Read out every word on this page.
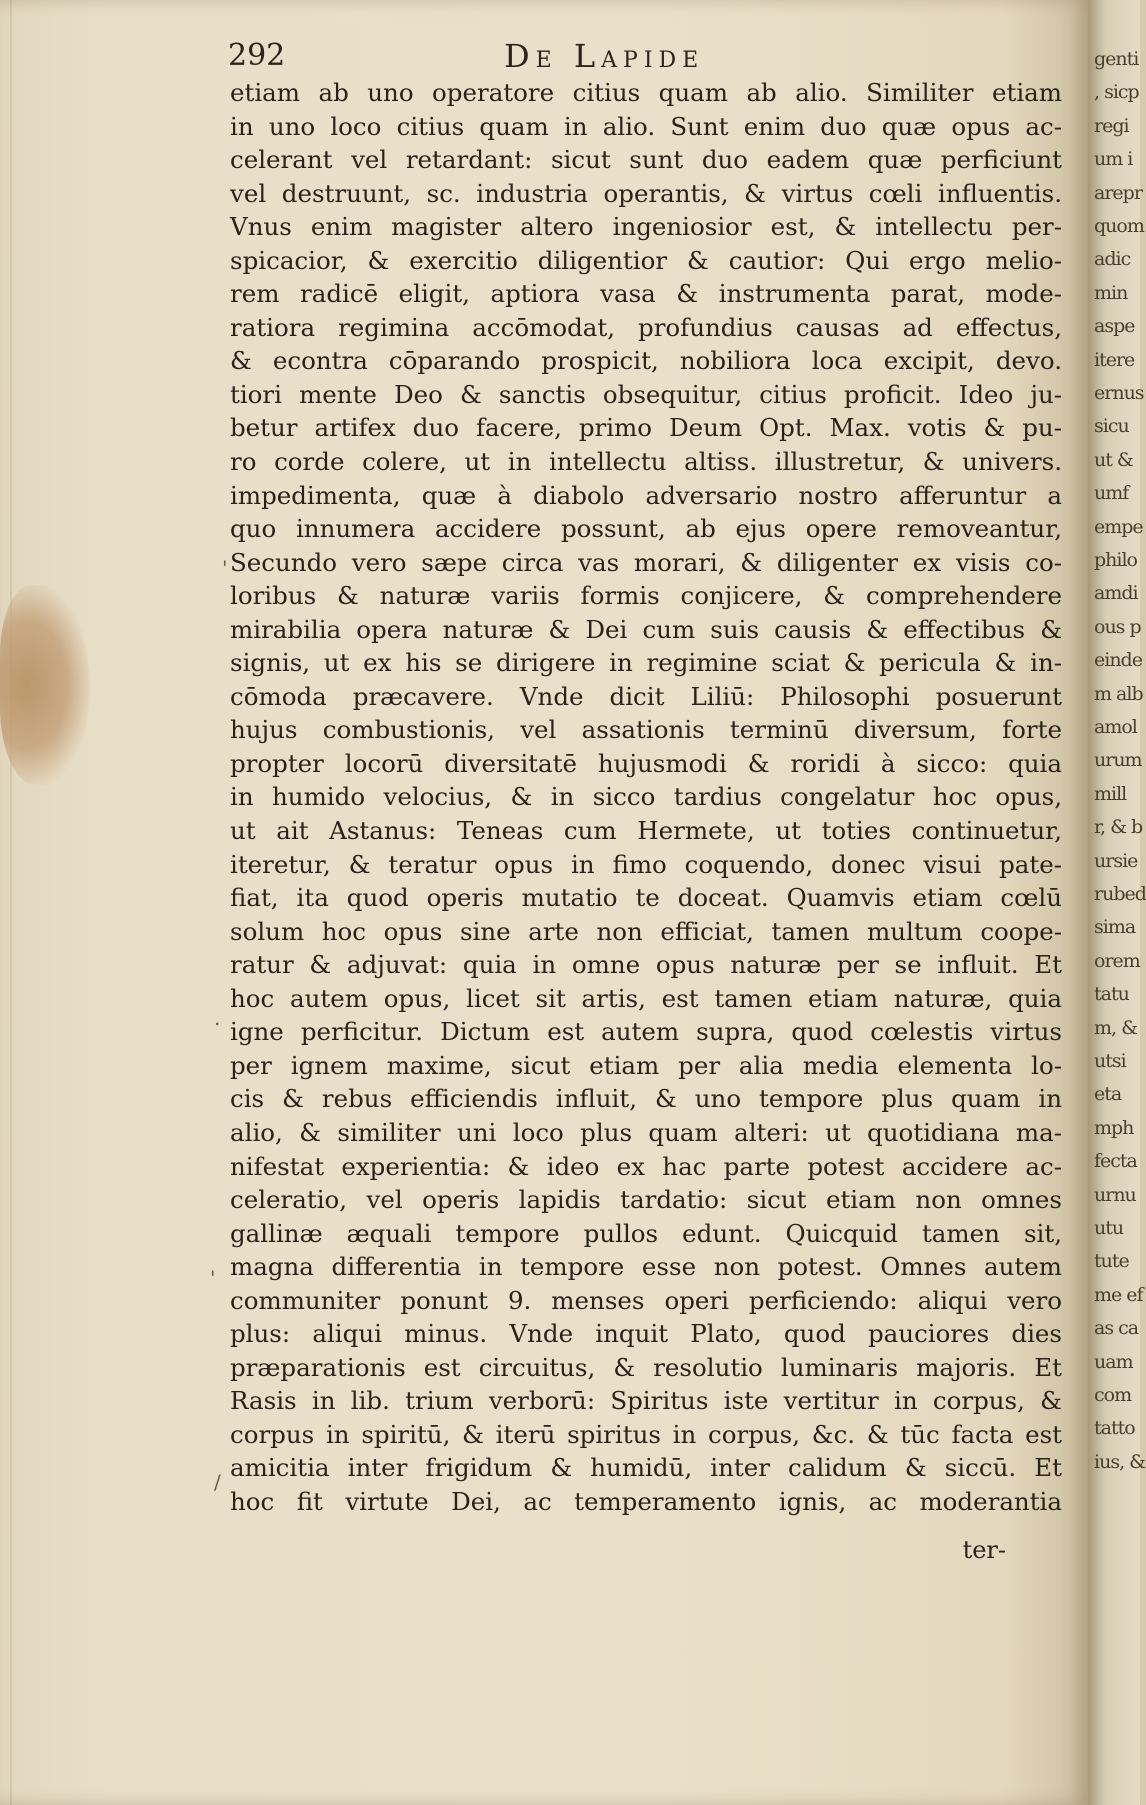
292	De Lapide
etiam ab uno operatore citius quam ab alio. Similiter etiam
in uno loco citius quam in alio. Sunt enim duo quæ opus ac-
celerant vel retardant: sicut sunt duo eadem quæ perficiunt
vel destruunt, sc. industria operantis, & virtus cœli influentis.
Vnus enim magister altero ingeniosior est, & intellectu per-
spicacior, & exercitio diligentior & cautior: Qui ergo melio-
rem radicē eligit, aptiora vasa & instrumenta parat, mode-
ratiora regimina accōmodat, profundius causas ad effectus,
& econtra cōparando prospicit, nobiliora loca excipit, devo.
tiori mente Deo & sanctis obsequitur, citius proficit. Ideo ju-
betur artifex duo facere, primo Deum Opt. Max. votis & pu-
ro corde colere, ut in intellectu altiss. illustretur, & univers.
impedimenta, quæ à diabolo adversario nostro afferuntur a
quo innumera accidere possunt, ab ejus opere removeantur,
Secundo vero sæpe circa vas morari, & diligenter ex visis co-
loribus & naturæ variis formis conjicere, & comprehendere
mirabilia opera naturæ & Dei cum suis causis & effectibus &
signis, ut ex his se dirigere in regimine sciat & pericula & in-
cōmoda præcavere. Vnde dicit Liliū: Philosophi posuerunt
hujus combustionis, vel assationis terminū diversum, forte
propter locorū diversitatē hujusmodi & roridi à sicco: quia
in humido velocius, & in sicco tardius congelatur hoc opus,
ut ait Astanus: Teneas cum Hermete, ut toties continuetur,
iteretur, & teratur opus in fimo coquendo, donec visui pate-
fiat, ita quod operis mutatio te doceat. Quamvis etiam cœlū
solum hoc opus sine arte non efficiat, tamen multum coope-
ratur & adjuvat: quia in omne opus naturæ per se influit. Et
hoc autem opus, licet sit artis, est tamen etiam naturæ, quia
igne perficitur. Dictum est autem supra, quod cœlestis virtus
per ignem maxime, sicut etiam per alia media elementa lo-
cis & rebus efficiendis influit, & uno tempore plus quam in
alio, & similiter uni loco plus quam alteri: ut quotidiana ma-
nifestat experientia: & ideo ex hac parte potest accidere ac-
celeratio, vel operis lapidis tardatio: sicut etiam non omnes
gallinæ æquali tempore pullos edunt. Quicquid tamen sit,
magna differentia in tempore esse non potest. Omnes autem
communiter ponunt 9. menses operi perficiendo: aliqui vero
plus: aliqui minus. Vnde inquit Plato, quod pauciores dies
præparationis est circuitus, & resolutio luminaris majoris. Et
Rasis in lib. trium verborū: Spiritus iste vertitur in corpus, &
corpus in spiritū, & iterū spiritus in corpus, &c. & tūc facta est
amicitia inter frigidum & humidū, inter calidum & siccū. Et
hoc fit virtute Dei, ac temperamento ignis, ac moderantia
ter-
'
.
'
/
genti
, sicp
regi
um i
arepr
quom
adic
min
aspe
itere
ernus
sicu
ut &
umf
empe
philo
amdi
ous p
einde
m alb
amol
urum
mill
r, & b
ursie
rubed
sima
orem
tatu
m, &
utsi
eta
mph
fecta
urnu
utu
tute
me ef
as ca
uam
com
tatto
ius, &
